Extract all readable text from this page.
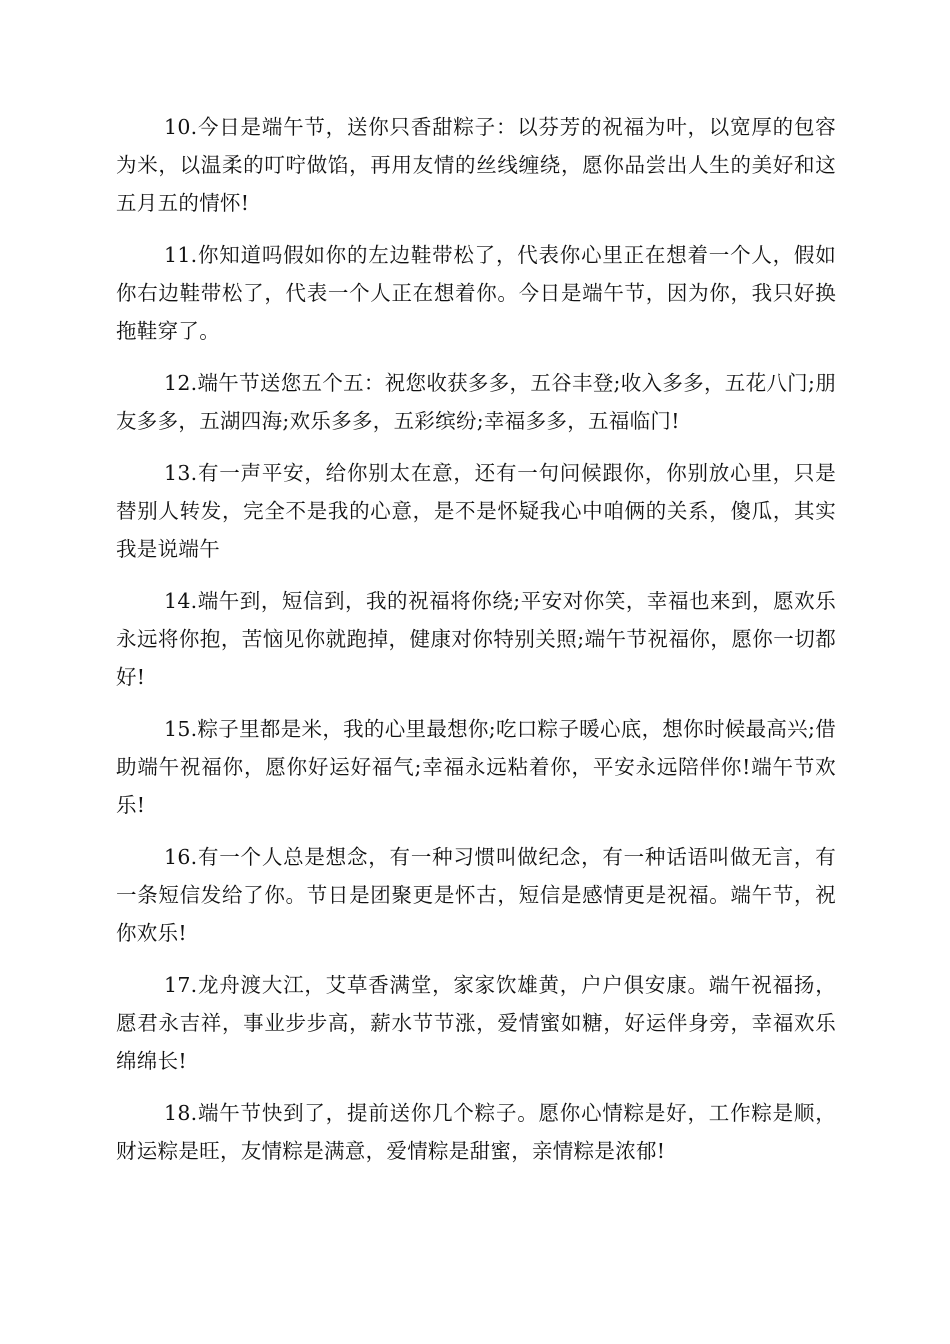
10.今日是端午节，送你只香甜粽子：以芬芳的祝福为叶，以宽厚的包容为米，以温柔的叮咛做馅，再用友情的丝线缠绕，愿你品尝出人生的美好和这五月五的情怀!

11.你知道吗假如你的左边鞋带松了，代表你心里正在想着一个人，假如你右边鞋带松了，代表一个人正在想着你。今日是端午节，因为你，我只好换拖鞋穿了。

12.端午节送您五个五：祝您收获多多，五谷丰登;收入多多，五花八门;朋友多多，五湖四海;欢乐多多，五彩缤纷;幸福多多，五福临门!

13.有一声平安，给你别太在意，还有一句问候跟你，你别放心里，只是替别人转发，完全不是我的心意，是不是怀疑我心中咱俩的关系，傻瓜，其实我是说端午

14.端午到，短信到，我的祝福将你绕;平安对你笑，幸福也来到，愿欢乐永远将你抱，苦恼见你就跑掉，健康对你特别关照;端午节祝福你，愿你一切都好!

15.粽子里都是米，我的心里最想你;吃口粽子暖心底，想你时候最高兴;借助端午祝福你，愿你好运好福气;幸福永远粘着你，平安永远陪伴你!端午节欢乐!

16.有一个人总是想念，有一种习惯叫做纪念，有一种话语叫做无言，有一条短信发给了你。节日是团聚更是怀古，短信是感情更是祝福。端午节，祝你欢乐!

17.龙舟渡大江，艾草香满堂，家家饮雄黄，户户俱安康。端午祝福扬，愿君永吉祥，事业步步高，薪水节节涨，爱情蜜如糖，好运伴身旁，幸福欢乐绵绵长!

18.端午节快到了，提前送你几个粽子。愿你心情粽是好，工作粽是顺，财运粽是旺，友情粽是满意，爱情粽是甜蜜，亲情粽是浓郁!
